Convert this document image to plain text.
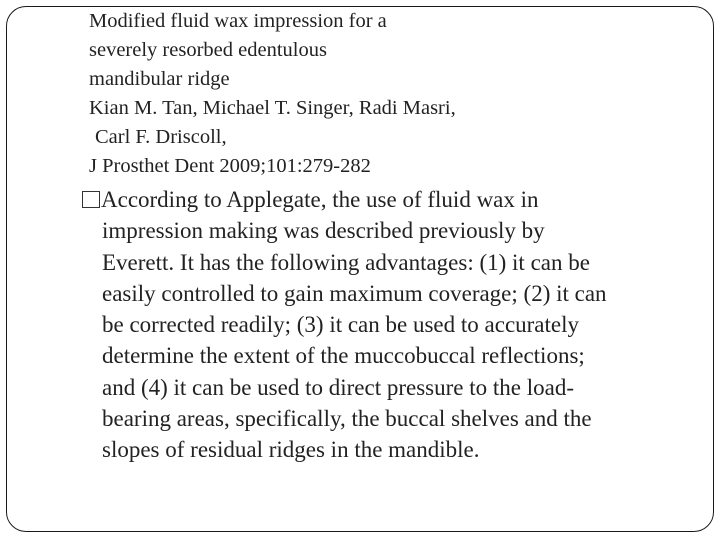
Modified fluid wax impression for a
severely resorbed edentulous
mandibular ridge
Kian M. Tan, Michael T. Singer, Radi Masri,
Carl F. Driscoll,
J Prosthet Dent 2009;101:279-282
According to Applegate, the use of fluid wax in
impression making was described previously by
Everett. It has the following advantages: (1) it can be
easily controlled to gain maximum coverage; (2) it can
be corrected readily; (3) it can be used to accurately
determine the extent of the muccobuccal reflections;
and (4) it can be used to direct pressure to the load-
bearing areas, specifically, the buccal shelves and the
slopes of residual ridges in the mandible.
